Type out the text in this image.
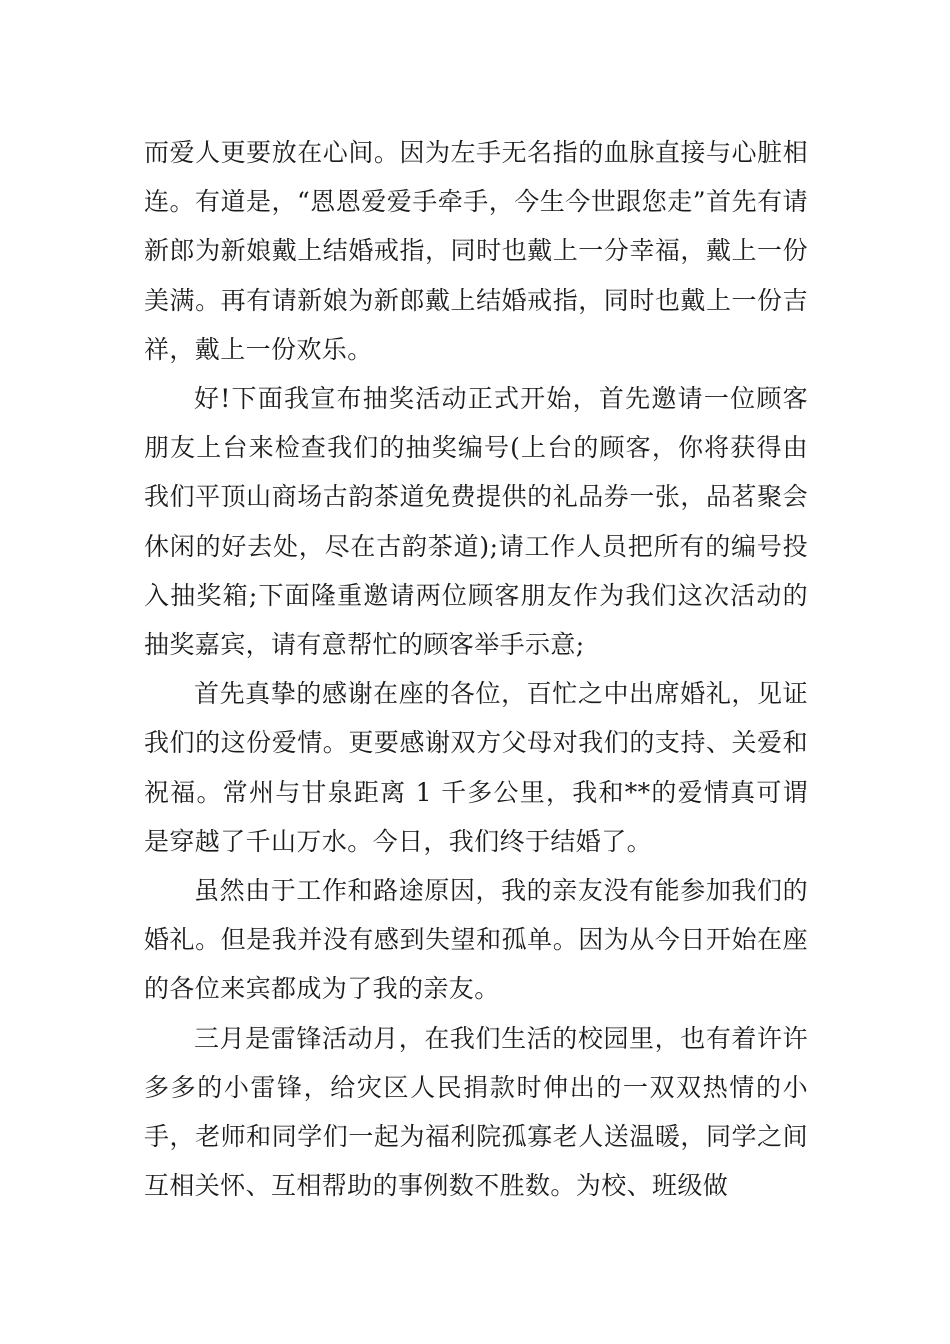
而爱人更要放在心间。因为左手无名指的血脉直接与心脏相连。有道是，“恩恩爱爱手牵手，今生今世跟您走”首先有请新郎为新娘戴上结婚戒指，同时也戴上一分幸福，戴上一份美满。再有请新娘为新郎戴上结婚戒指，同时也戴上一份吉祥，戴上一份欢乐。

好!下面我宣布抽奖活动正式开始，首先邀请一位顾客朋友上台来检查我们的抽奖编号(上台的顾客，你将获得由我们平顶山商场古韵茶道免费提供的礼品券一张，品茗聚会休闲的好去处，尽在古韵茶道);请工作人员把所有的编号投入抽奖箱;下面隆重邀请两位顾客朋友作为我们这次活动的抽奖嘉宾，请有意帮忙的顾客举手示意;

首先真挚的感谢在座的各位，百忙之中出席婚礼，见证我们的这份爱情。更要感谢双方父母对我们的支持、关爱和祝福。常州与甘泉距离 1 千多公里，我和**的爱情真可谓是穿越了千山万水。今日，我们终于结婚了。

虽然由于工作和路途原因，我的亲友没有能参加我们的婚礼。但是我并没有感到失望和孤单。因为从今日开始在座的各位来宾都成为了我的亲友。

三月是雷锋活动月，在我们生活的校园里，也有着许许多多的小雷锋，给灾区人民捐款时伸出的一双双热情的小手，老师和同学们一起为福利院孤寡老人送温暖，同学之间互相关怀、互相帮助的事例数不胜数。为校、班级做
